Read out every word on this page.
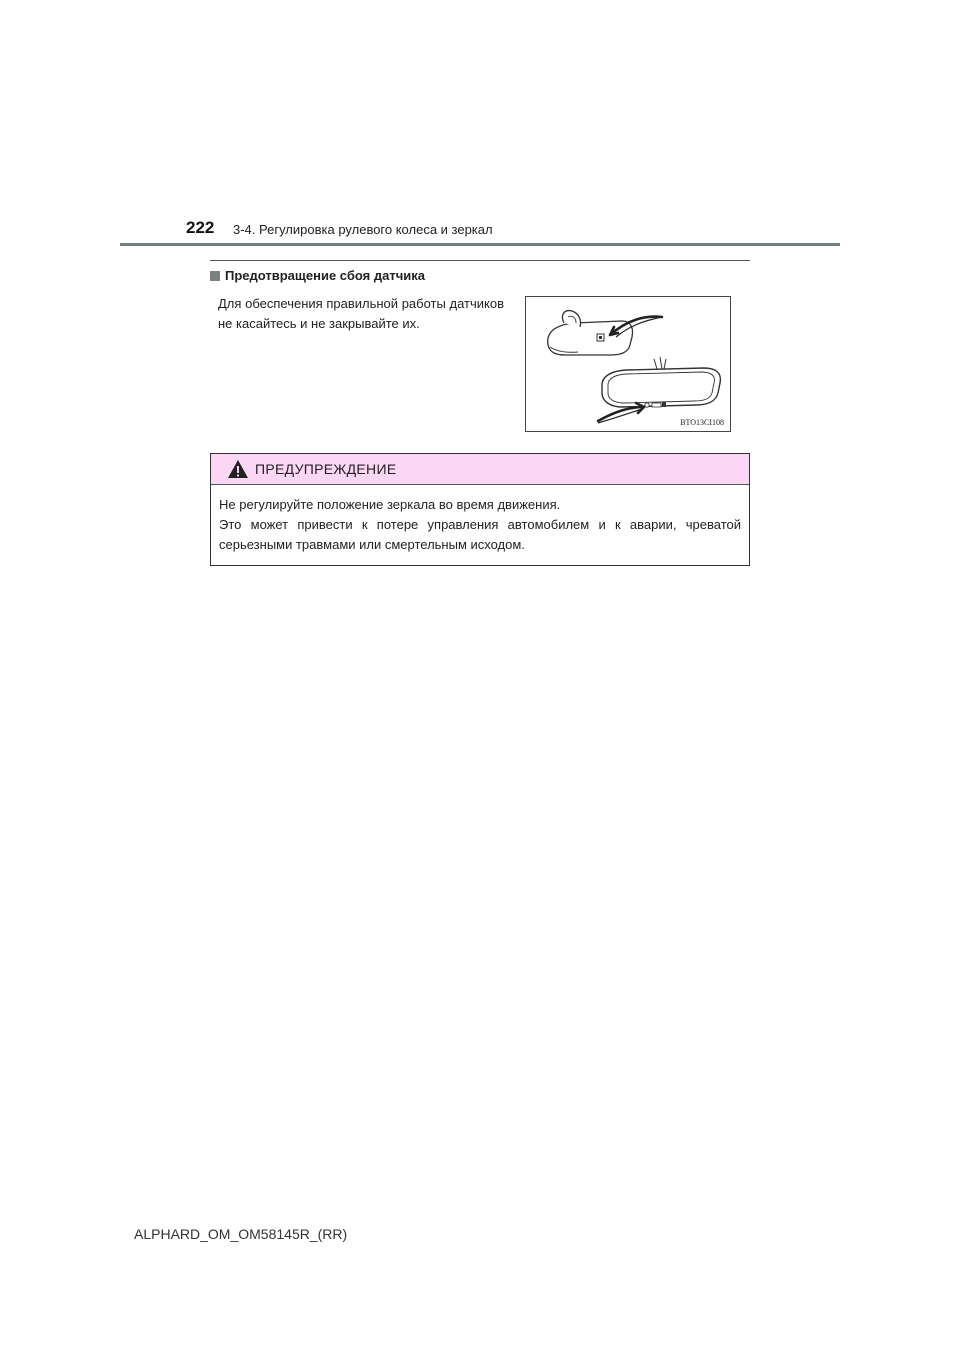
222 3-4. Регулировка рулевого колеса и зеркал
Предотвращение сбоя датчика
Для обеспечения правильной работы датчиков не касайтесь и не закрывайте их.
BTO13CI108
ПРЕДУПРЕЖДЕНИЕ

Не регулируйте положение зеркала во время движения.

Это может привести к потере управления автомобилем и к аварии, чреватой серьезными травмами или смертельным исходом.

ALPHARD_OM_OM58145R_(RR)
